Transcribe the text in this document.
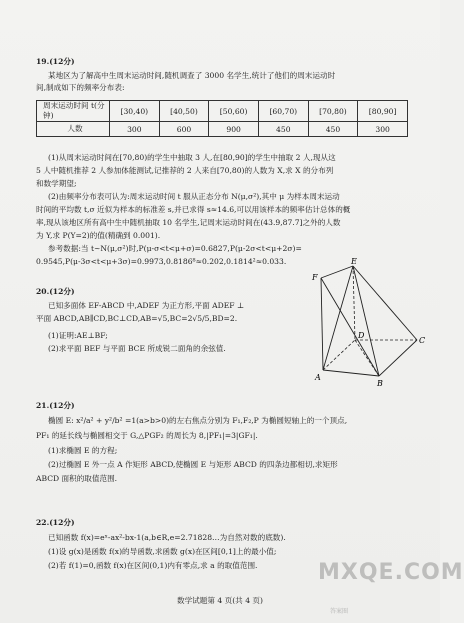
19.(12分)
某地区为了解高中生周末运动时间,随机调查了 3000 名学生,统计了他们的周末运动时
间,制成如下的频率分布表:
周末运动时间 t(分钟)	[30,40)	[40,50)	[50,60)	[60,70)	[70,80)	[80,90]
人数	300	600	900	450	450	300
(1)从周末运动时间在[70,80)的学生中抽取 3 人,在[80,90]的学生中抽取 2 人,现从这
5 人中随机推荐 2 人参加体能测试,记推荐的 2 人来自[70,80)的人数为 X,求 X 的分布列
和数学期望;
(2)由频率分布表可认为:周末运动时间 t 服从正态分布 N(μ,σ²),其中 μ 为样本周末运动
时间的平均数 t,σ 近似为样本的标准差 s,并已求得 s≈14.6,可以用该样本的频率估计总体的概
率,现从该地区所有高中生中随机抽取 10 名学生,记周末运动时间在(43.9,87.7]之外的人数
为 Y,求 P(Y=2)的值(精确到 0.001).
参考数据:当 t~N(μ,σ²)时,P(μ-σ<t<μ+σ)=0.6827,P(μ-2σ<t<μ+2σ)=
0.9545,P(μ-3σ<t<μ+3σ)=0.9973,0.8186⁸≈0.202,0.1814²≈0.033.
20.(12分)
已知多面体 EF-ABCD 中,ADEF 为正方形,平面 ADEF ⊥
平面 ABCD,AB∥CD,BC⊥CD,AB=√5,BC=2√5/5,BD=2.
(1)证明:AE⊥BF;
(2)求平面 BEF 与平面 BCE 所成锐二面角的余弦值.
E
F
D
C
A
B
21.(12分)
椭圆 E: x²/a² + y²/b² =1(a>b>0)的左右焦点分别为 F₁,F₂,P 为椭圆短轴上的一个顶点,
PF₁ 的延长线与椭圆相交于 G,△PGF₂ 的周长为 8,|PF₁|=3|GF₁|.
(1)求椭圆 E 的方程;
(2)过椭圆 E 外一点 A 作矩形 ABCD,使椭圆 E 与矩形 ABCD 的四条边都相切,求矩形
ABCD 面积的取值范围.
22.(12分)
已知函数 f(x)=eˣ-ax²-bx-1(a,b∈R,e=2.71828…为自然对数的底数).
(1)设 g(x)是函数 f(x)的导函数,求函数 g(x)在区间[0,1]上的最小值;
(2)若 f(1)=0,函数 f(x)在区间(0,1)内有零点,求 a 的取值范围.
数学试题第 4 页(共 4 页)
MXQE.COM
答案圈
